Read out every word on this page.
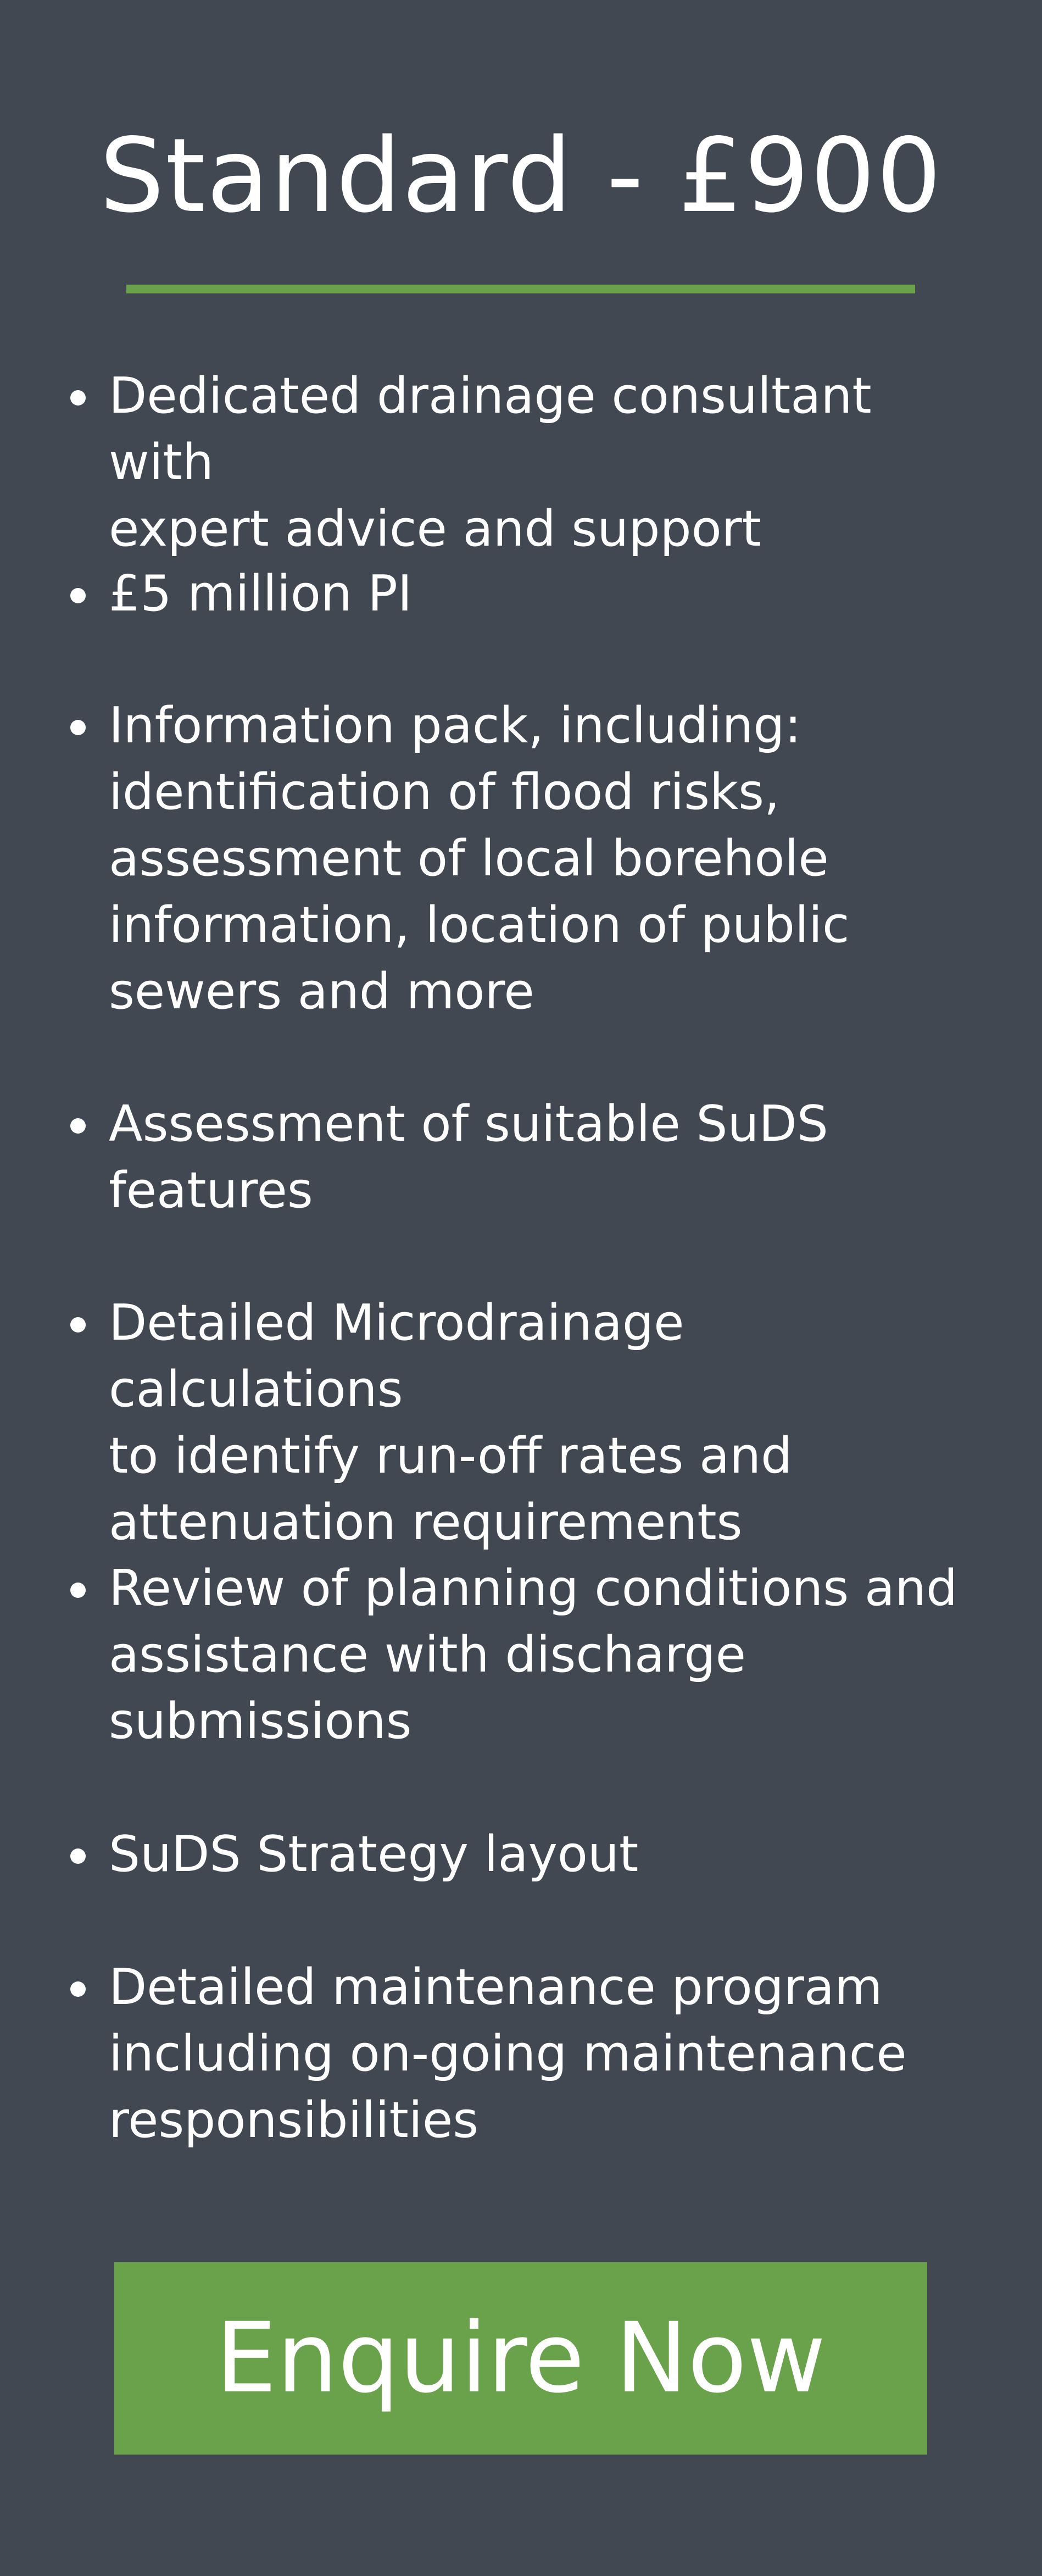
Standard - £900
Dedicated drainage consultant with
expert advice and support
£5 million PI
Information pack, including:
identification of flood risks,
assessment of local borehole
information, location of public
sewers and more
Assessment of suitable SuDS
features
Detailed Microdrainage calculations
to identify run-off rates and
attenuation requirements
Review of planning conditions and
assistance with discharge
submissions
SuDS Strategy layout
Detailed maintenance program
including on-going maintenance
responsibilities
Enquire Now
